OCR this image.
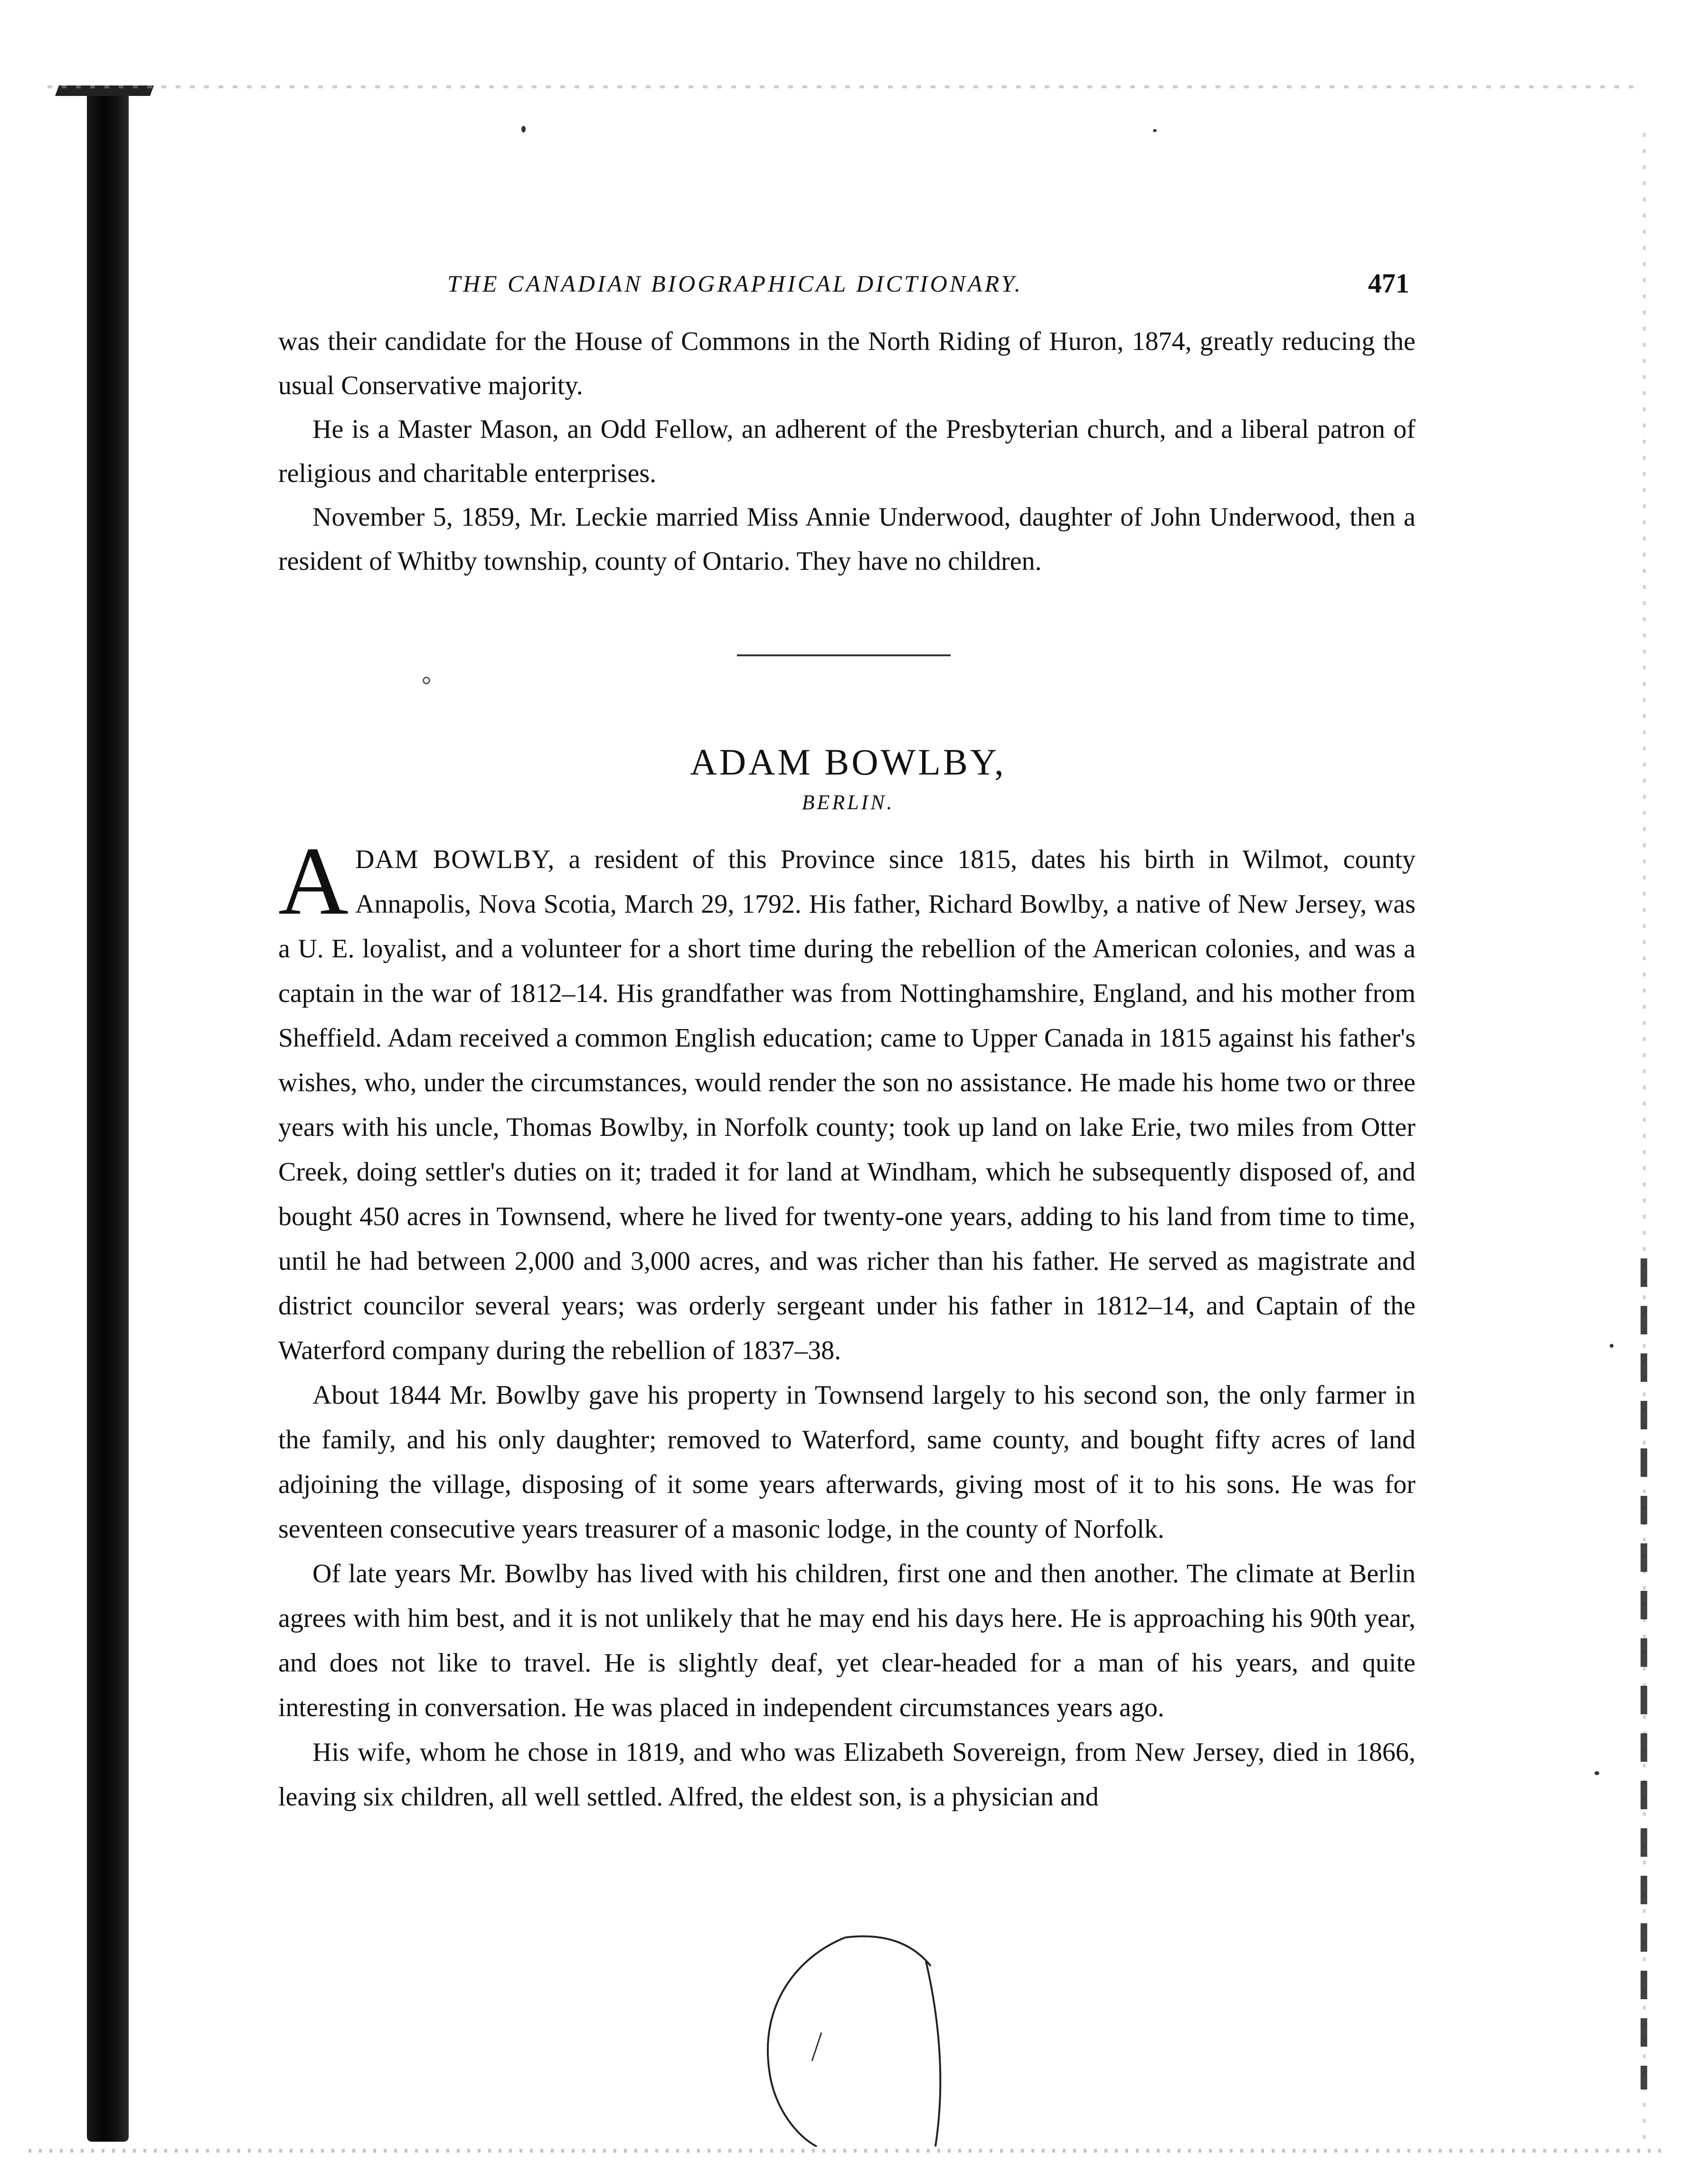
THE CANADIAN BIOGRAPHICAL DICTIONARY.	471

was their candidate for the House of Commons in the North Riding of Huron, 1874, greatly reducing the usual Conservative majority.

He is a Master Mason, an Odd Fellow, an adherent of the Presbyterian church, and a liberal patron of religious and charitable enterprises.

November 5, 1859, Mr. Leckie married Miss Annie Underwood, daughter of John Underwood, then a resident of Whitby township, county of Ontario. They have no children.

ADAM BOWLBY,
BERLIN.

ADAM BOWLBY, a resident of this Province since 1815, dates his birth in Wilmot, county Annapolis, Nova Scotia, March 29, 1792. His father, Richard Bowlby, a native of New Jersey, was a U. E. loyalist, and a volunteer for a short time during the rebellion of the American colonies, and was a captain in the war of 1812–14. His grandfather was from Nottinghamshire, England, and his mother from Sheffield. Adam received a common English education; came to Upper Canada in 1815 against his father's wishes, who, under the circumstances, would render the son no assistance. He made his home two or three years with his uncle, Thomas Bowlby, in Norfolk county; took up land on lake Erie, two miles from Otter Creek, doing settler's duties on it; traded it for land at Windham, which he subsequently disposed of, and bought 450 acres in Townsend, where he lived for twenty-one years, adding to his land from time to time, until he had between 2,000 and 3,000 acres, and was richer than his father. He served as magistrate and district councilor several years; was orderly sergeant under his father in 1812–14, and Captain of the Waterford company during the rebellion of 1837–38.

About 1844 Mr. Bowlby gave his property in Townsend largely to his second son, the only farmer in the family, and his only daughter; removed to Waterford, same county, and bought fifty acres of land adjoining the village, disposing of it some years afterwards, giving most of it to his sons. He was for seventeen consecutive years treasurer of a masonic lodge, in the county of Norfolk.

Of late years Mr. Bowlby has lived with his children, first one and then another. The climate at Berlin agrees with him best, and it is not unlikely that he may end his days here. He is approaching his 90th year, and does not like to travel. He is slightly deaf, yet clear-headed for a man of his years, and quite interesting in conversation. He was placed in independent circumstances years ago.

His wife, whom he chose in 1819, and who was Elizabeth Sovereign, from New Jersey, died in 1866, leaving six children, all well settled. Alfred, the eldest son, is a physician and
